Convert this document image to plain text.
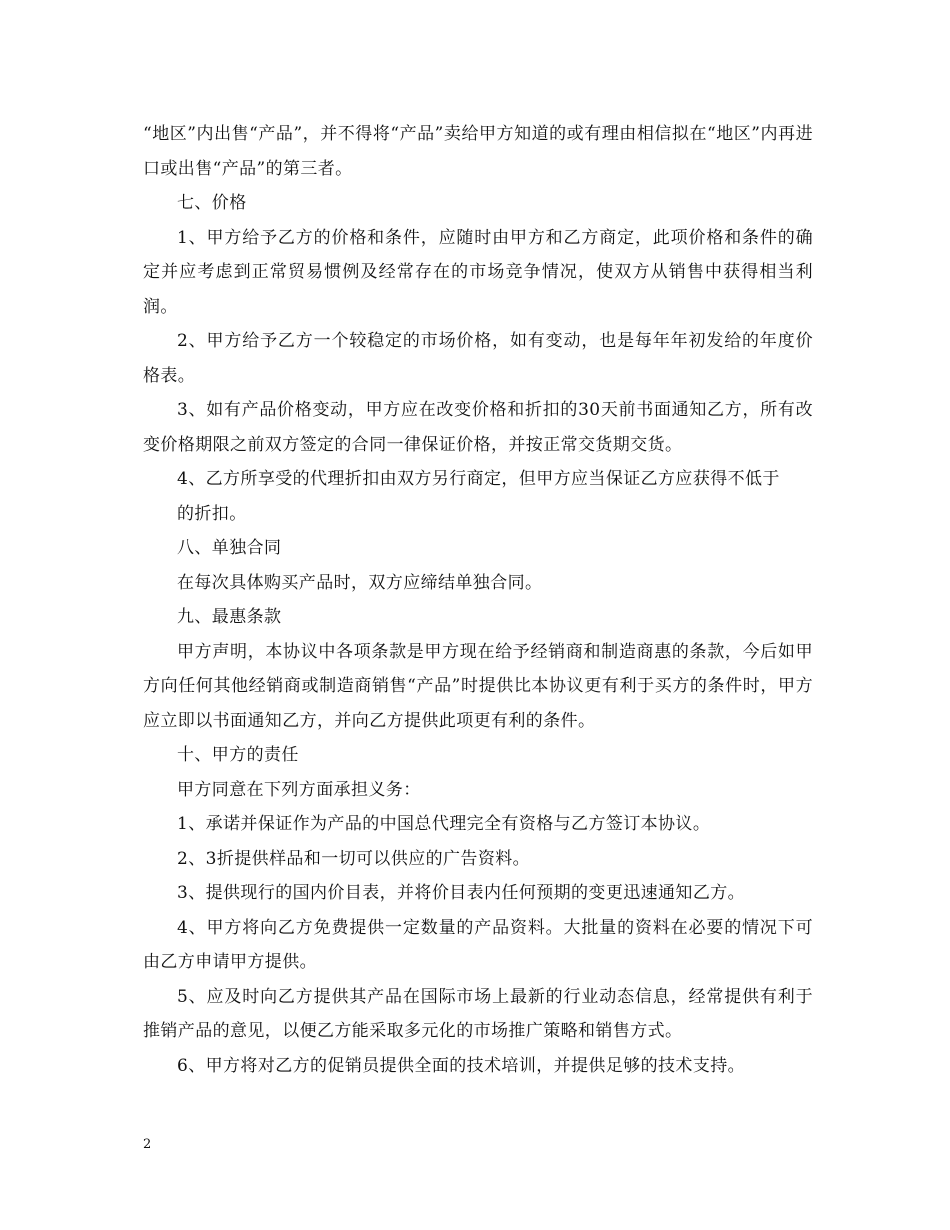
“地区”内出售“产品”，并不得将“产品”卖给甲方知道的或有理由相信拟在“地区”内再进口或出售“产品”的第三者。

七、价格

1、甲方给予乙方的价格和条件，应随时由甲方和乙方商定，此项价格和条件的确定并应考虑到正常贸易惯例及经常存在的市场竞争情况，使双方从销售中获得相当利润。

2、甲方给予乙方一个较稳定的市场价格，如有变动，也是每年年初发给的年度价格表。

3、如有产品价格变动，甲方应在改变价格和折扣的30天前书面通知乙方，所有改变价格期限之前双方签定的合同一律保证价格，并按正常交货期交货。

4、乙方所享受的代理折扣由双方另行商定，但甲方应当保证乙方应获得不低于

的折扣。

八、单独合同

在每次具体购买产品时，双方应缔结单独合同。

九、最惠条款

甲方声明，本协议中各项条款是甲方现在给予经销商和制造商惠的条款，今后如甲方向任何其他经销商或制造商销售“产品”时提供比本协议更有利于买方的条件时，甲方应立即以书面通知乙方，并向乙方提供此项更有利的条件。

十、甲方的责任

甲方同意在下列方面承担义务：

1、承诺并保证作为产品的中国总代理完全有资格与乙方签订本协议。

2、3折提供样品和一切可以供应的广告资料。

3、提供现行的国内价目表，并将价目表内任何预期的变更迅速通知乙方。

4、甲方将向乙方免费提供一定数量的产品资料。大批量的资料在必要的情况下可由乙方申请甲方提供。

5、应及时向乙方提供其产品在国际市场上最新的行业动态信息，经常提供有利于推销产品的意见，以便乙方能采取多元化的市场推广策略和销售方式。

6、甲方将对乙方的促销员提供全面的技术培训，并提供足够的技术支持。

2
